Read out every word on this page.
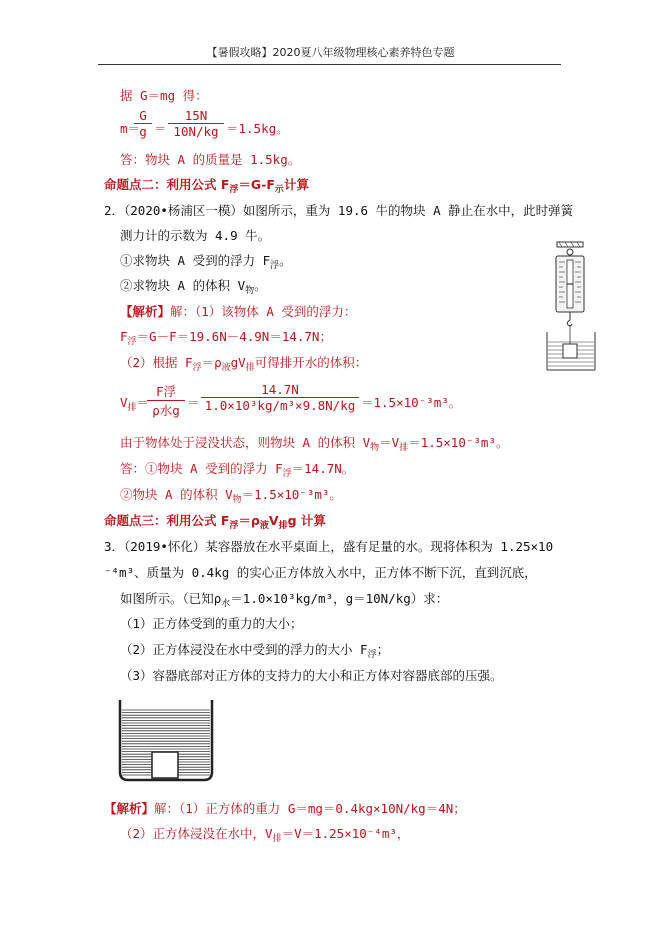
【暑假攻略】2020夏八年级物理核心素养特色专题
据 G＝mg 得：
m＝
$\frac{G}{g} = \frac{15N}{10N/kg} =1.5kg$。
答：物块 A 的质量是 1.5kg。
命题点二：利用公式 $F_浮=G-F_示$计算
2．（2020•杨浦区一模）如图所示，重为 19.6 牛的物块 A 静止在水中，此时弹簧
测力计的示数为 4.9 牛。
①求物块 A 受到的浮力 $F_浮$。
②求物块 A 的体积 $V_物$。
【解析】解：（1）该物体 A 受到的浮力：
$F_浮=G-F=19.6N-4.9N=14.7N$；
（2）根据 $F_浮=\rho_液gV_排$可得排开水的体积：
$V_排=$
F浮
ρ水g
＝ $\frac{14.7N}{\text{1.0×10³kg/m³×9.8N/kg}} =1.5\times 10^{-3}m^3$。
由于物体处于浸没状态，则物块 A 的体积 $V_物=V_排=1.5\times 10^{-3}m^3$。
答：①物块 A 受到的浮力 $F_浮=14.7N$。
②物块 A 的体积 $V_物=1.5\times 10^{-3}m^3$。
命题点三：利用公式 $F_浮=\rho_液V_排g$ 计算
3．（2019•怀化）某容器放在水平桌面上，盛有足量的水。现将体积为 1.25×10
⁻⁴m³、质量为 0.4kg 的实心正方体放入水中，正方体不断下沉，直到沉底，
如图所示。（已知$\rho_水=1.0\times 10^3kg/m^3$，g＝10N/kg）求：
（1）正方体受到的重力的大小；
（2）正方体浸没在水中受到的浮力的大小 $F_浮$；
（3）容器底部对正方体的支持力的大小和正方体对容器底部的压强。
【解析】解：（1）正方体的重力 G＝mg＝0.4kg×10N/kg＝4N；
（2）正方体浸没在水中，$V_排=V=1.25\times 10^{-4}m^3$，
